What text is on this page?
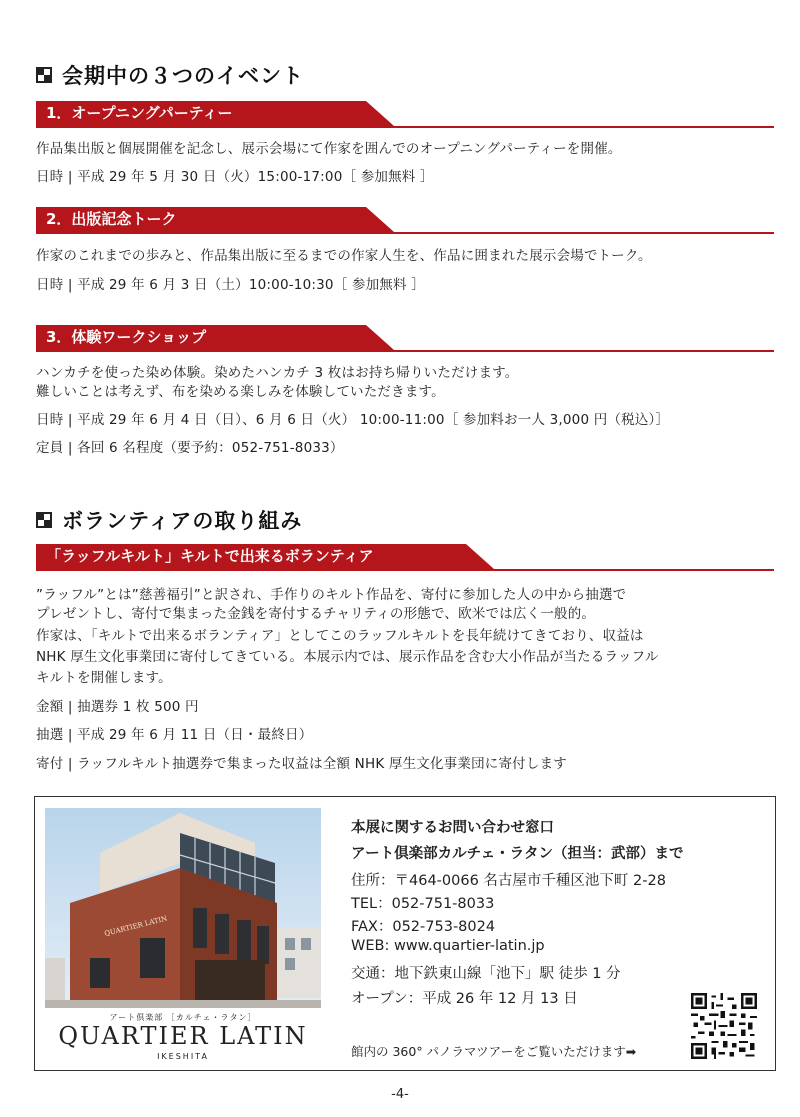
会期中の３つのイベント
1．オープニングパーティー
作品集出版と個展開催を記念し、展示会場にて作家を囲んでのオープニングパーティーを開催。
日時 | 平成 29 年 5 月 30 日（火）15:00-17:00［ 参加無料 ］
2．出版記念トーク
作家のこれまでの歩みと、作品集出版に至るまでの作家人生を、作品に囲まれた展示会場でトーク。
日時 | 平成 29 年 6 月 3 日（土）10:00-10:30［ 参加無料 ］
3．体験ワークショップ
ハンカチを使った染め体験。染めたハンカチ 3 枚はお持ち帰りいただけます。
難しいことは考えず、布を染める楽しみを体験していただきます。
日時 | 平成 29 年 6 月 4 日（日）、6 月 6 日（火） 10:00-11:00［ 参加料お一人 3,000 円（税込）］
定員 | 各回 6 名程度（要予約：052-751-8033）
ボランティアの取り組み
「ラッフルキルト」キルトで出来るボランティア
”ラッフル”とは”慈善福引”と訳され、手作りのキルト作品を、寄付に参加した人の中から抽選で
プレゼントし、寄付で集まった金銭を寄付するチャリティの形態で、欧米では広く一般的。
作家は、「キルトで出来るボランティア」としてこのラッフルキルトを長年続けてきており、収益は
NHK 厚生文化事業団に寄付してきている。本展示内では、展示作品を含む大小作品が当たるラッフル
キルトを開催します。
金額 | 抽選券 1 枚 500 円
抽選 | 平成 29 年 6 月 11 日（日・最終日）
寄付 | ラッフルキルト抽選券で集まった収益は全額 NHK 厚生文化事業団に寄付します
QUARTIER LATIN
アート倶楽部 ［カルチェ・ラタン］
QUARTIER LATIN
IKESHITA
本展に関するお問い合わせ窓口
アート倶楽部カルチェ・ラタン（担当：武部）まで
住所：〒464-0066 名古屋市千種区池下町 2-28
TEL：052-751-8033
FAX：052-753-8024
WEB: www.quartier-latin.jp
交通：地下鉄東山線「池下」駅 徒歩 1 分
オープン：平成 26 年 12 月 13 日
館内の 360° パノラマツアーをご覧いただけます➡
-4-
